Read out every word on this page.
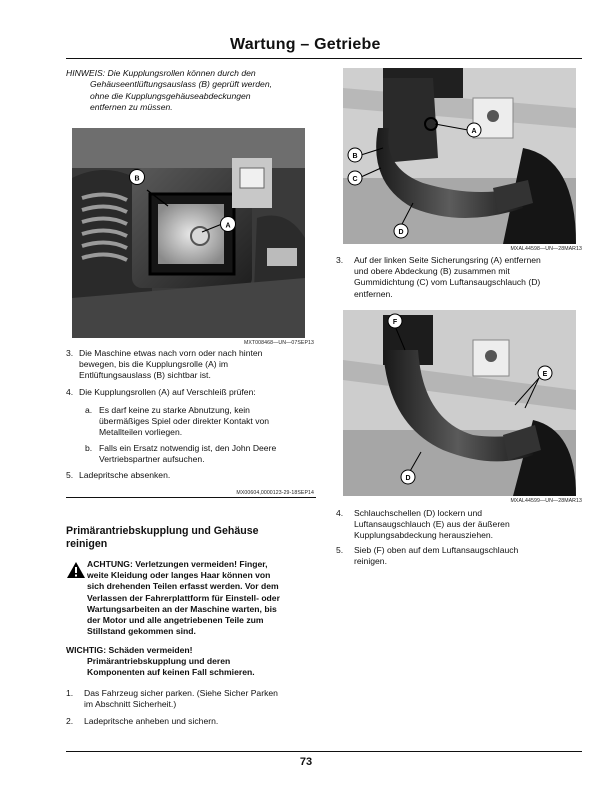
Wartung – Getriebe
HINWEIS: Die Kupplungsrollen können durch den
Gehäuseentlüftungsauslass (B) geprüft werden,
ohne die Kupplungsgehäuseabdeckungen
entfernen zu müssen.
B
A
MXT008468—UN—07SEP13
3. Die Maschine etwas nach vorn oder nach hinten
bewegen, bis die Kupplungsrolle (A) im
Entlüftungsauslass (B) sichtbar ist.
4. Die Kupplungsrollen (A) auf Verschleiß prüfen:
a. Es darf keine zu starke Abnutzung, kein
übermäßiges Spiel oder direkter Kontakt von
Metallteilen vorliegen.
b. Falls ein Ersatz notwendig ist, den John Deere
Vertriebspartner aufsuchen.
5. Ladepritsche absenken.
MX00604,0000123-29-18SEP14
Primärantriebskupplung und Gehäuse
reinigen
ACHTUNG: Verletzungen vermeiden! Finger,
weite Kleidung oder langes Haar können von
sich drehenden Teilen erfasst werden. Vor dem
Verlassen der Fahrerplattform für Einstell- oder
Wartungsarbeiten an der Maschine warten, bis
der Motor und alle angetriebenen Teile zum
Stillstand gekommen sind.
WICHTIG: Schäden vermeiden!
Primärantriebskupplung und deren
Komponenten auf keinen Fall schmieren.
1.	Das Fahrzeug sicher parken. (Siehe Sicher Parken
im Abschnitt Sicherheit.)
2.	Ladepritsche anheben und sichern.
A
B
C
D
MXAL44598—UN—28MAR13
3.	Auf der linken Seite Sicherungsring (A) entfernen
und obere Abdeckung (B) zusammen mit
Gummidichtung (C) vom Luftansaugschlauch (D)
entfernen.
F
E
D
MXAL44599—UN—28MAR13
4.	Schlauchschellen (D) lockern und
Luftansaugschlauch (E) aus der äußeren
Kupplungsabdeckung herausziehen.
5.	Sieb (F) oben auf dem Luftansaugschlauch
reinigen.
73
